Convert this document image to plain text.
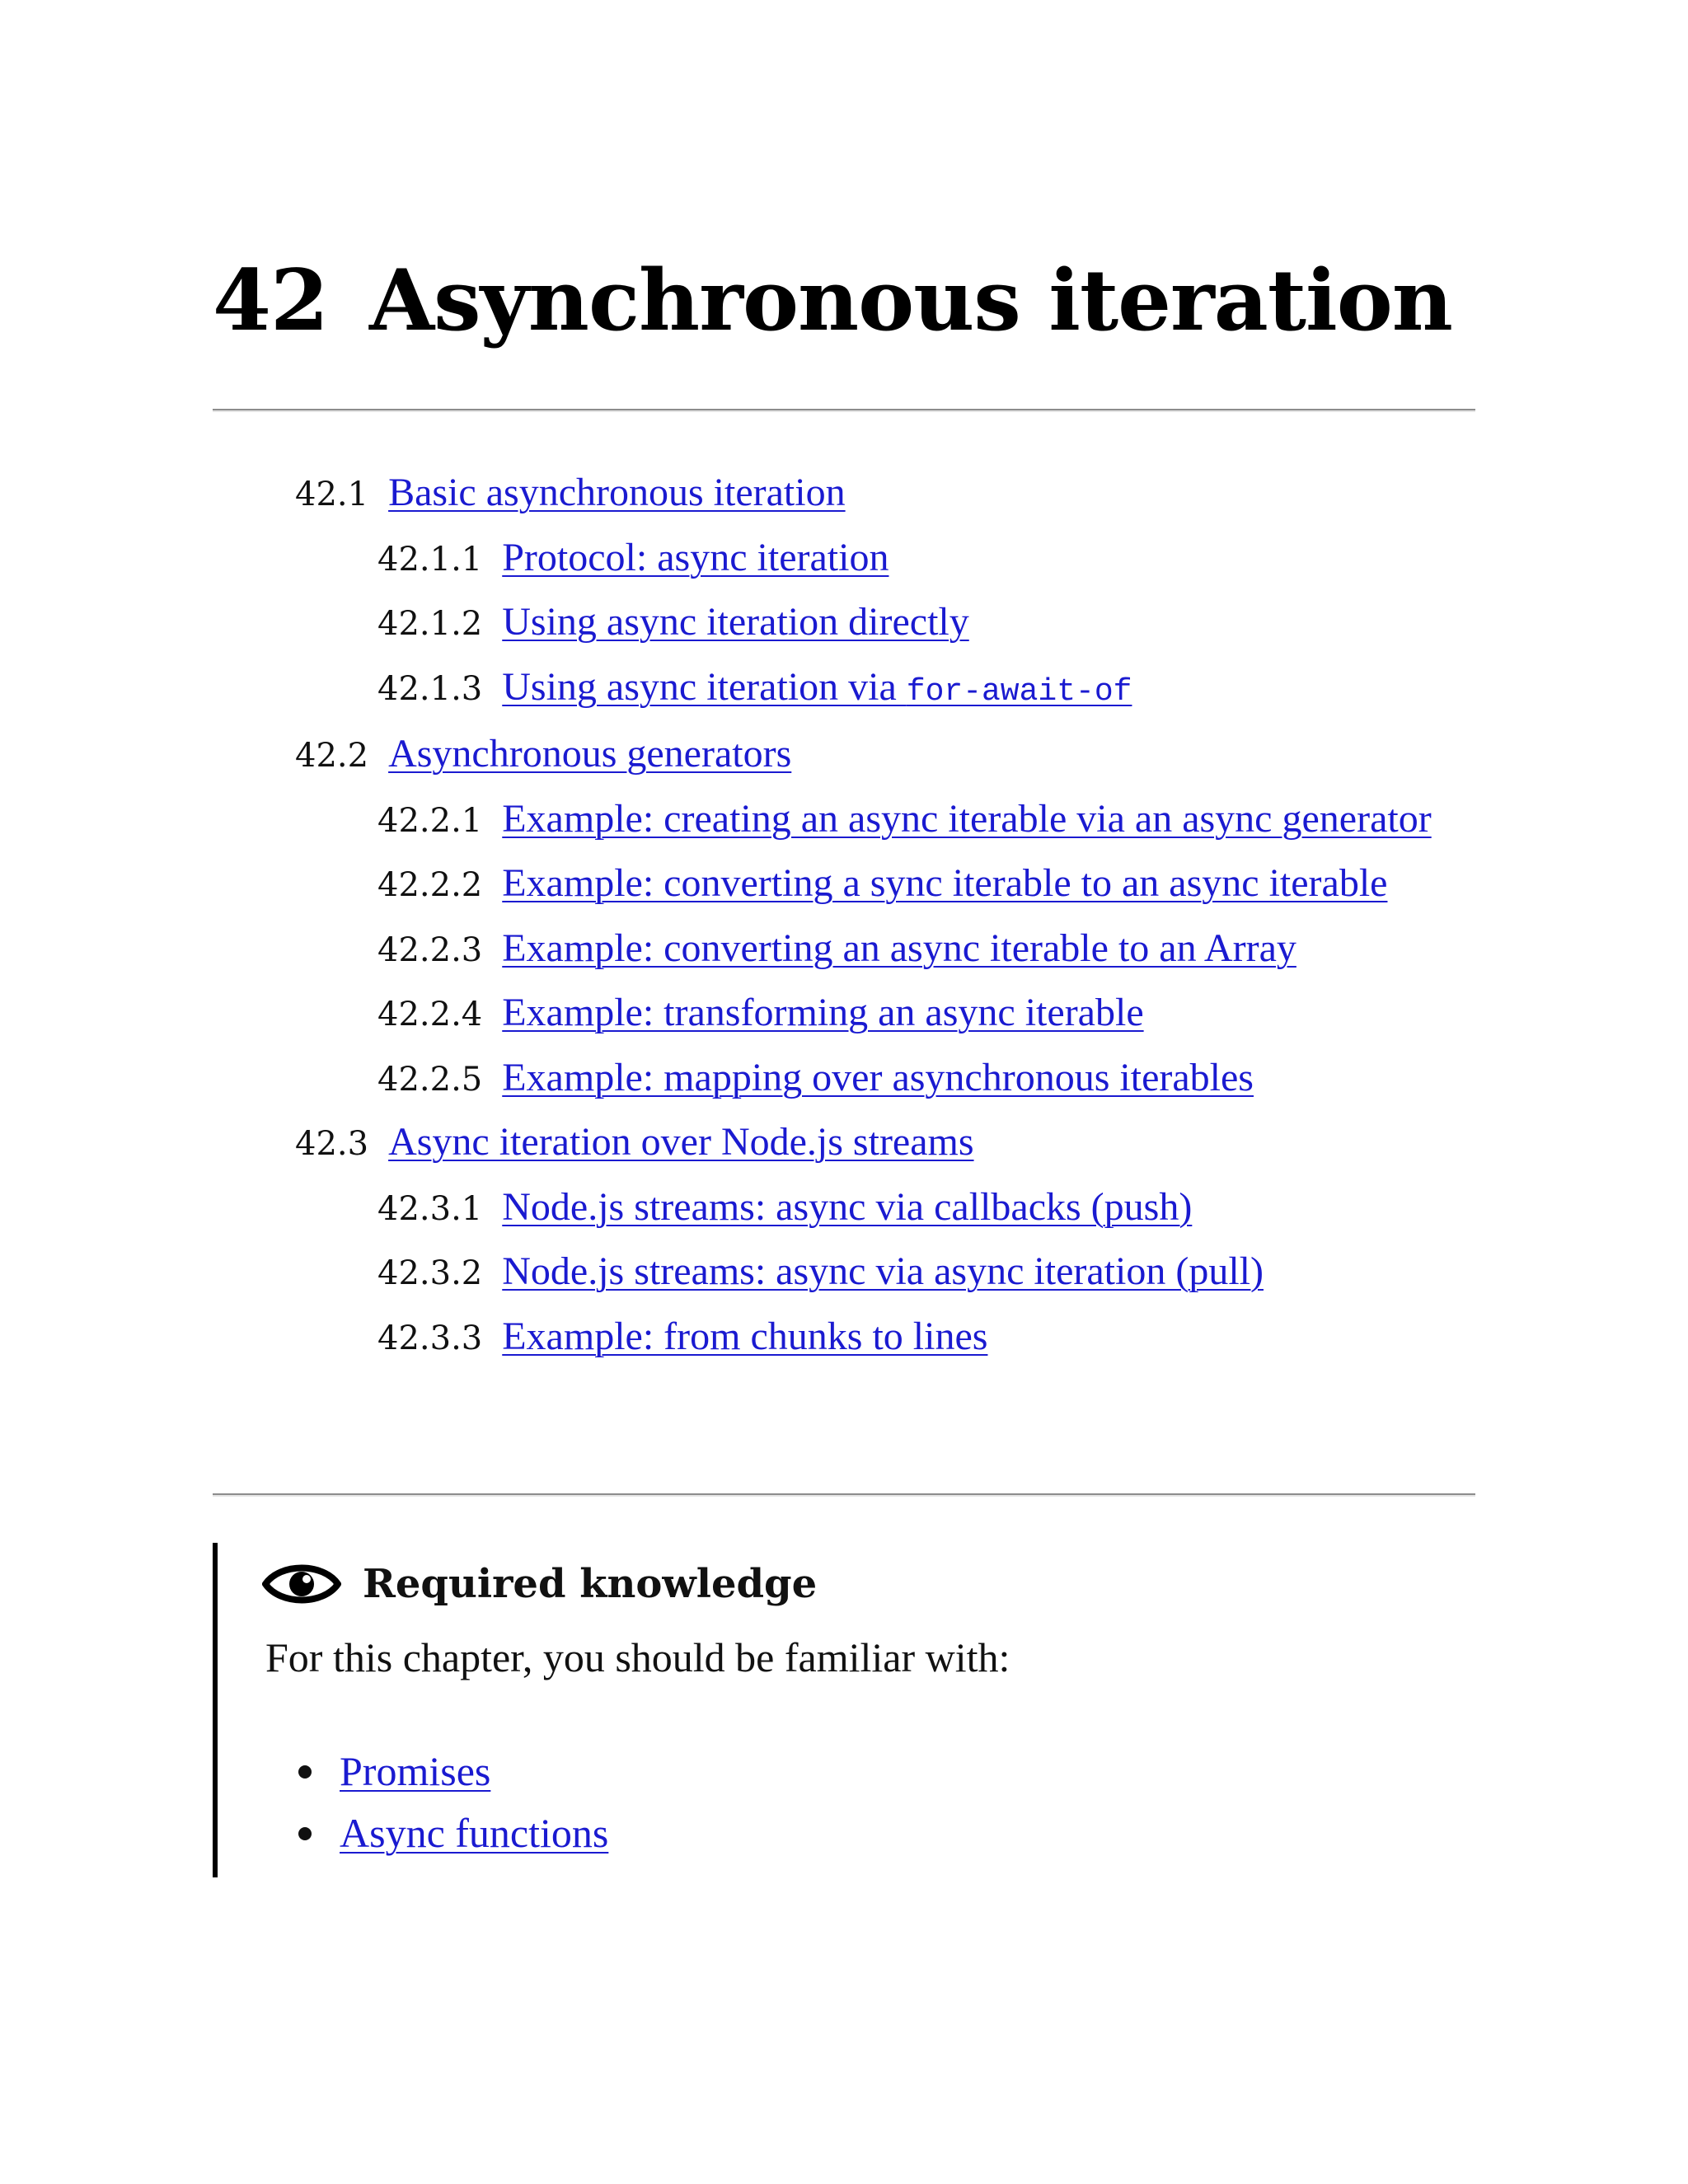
42 Asynchronous iteration
42.1 Basic asynchronous iteration
42.1.1 Protocol: async iteration
42.1.2 Using async iteration directly
42.1.3 Using async iteration via for-await-of
42.2 Asynchronous generators
42.2.1 Example: creating an async iterable via an async generator
42.2.2 Example: converting a sync iterable to an async iterable
42.2.3 Example: converting an async iterable to an Array
42.2.4 Example: transforming an async iterable
42.2.5 Example: mapping over asynchronous iterables
42.3 Async iteration over Node.js streams
42.3.1 Node.js streams: async via callbacks (push)
42.3.2 Node.js streams: async via async iteration (pull)
42.3.3 Example: from chunks to lines
Required knowledge

For this chapter, you should be familiar with:

Promises
Async functions
